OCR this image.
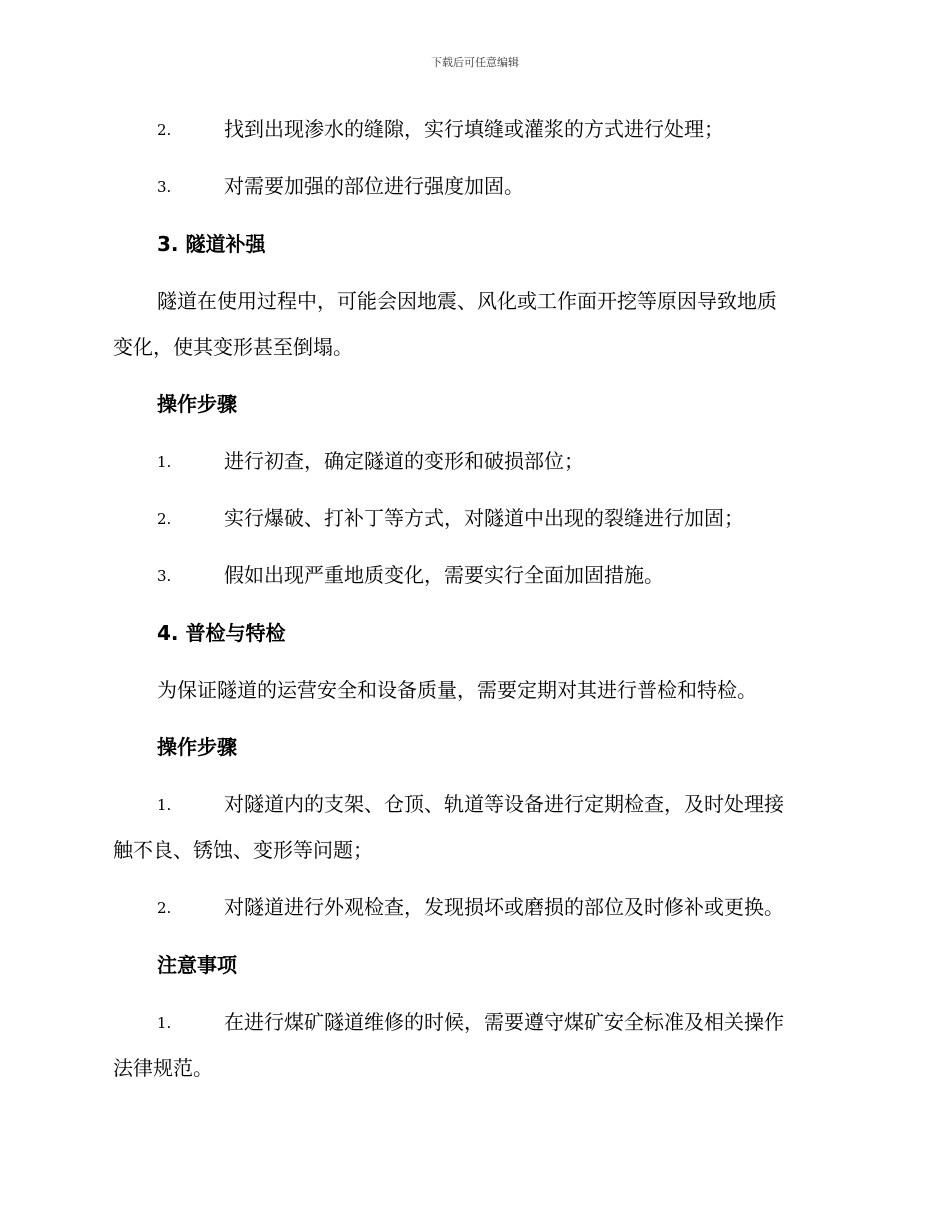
下载后可任意编辑
2.	找到出现渗水的缝隙，实行填缝或灌浆的方式进行处理；
3.	对需要加强的部位进行强度加固。
3. 隧道补强
隧道在使用过程中，可能会因地震、风化或工作面开挖等原因导致地质
变化，使其变形甚至倒塌。
操作步骤
1.	进行初查，确定隧道的变形和破损部位；
2.	实行爆破、打补丁等方式，对隧道中出现的裂缝进行加固；
3.	假如出现严重地质变化，需要实行全面加固措施。
4. 普检与特检
为保证隧道的运营安全和设备质量，需要定期对其进行普检和特检。
操作步骤
1.	对隧道内的支架、仓顶、轨道等设备进行定期检查，及时处理接
触不良、锈蚀、变形等问题；
2.	对隧道进行外观检查，发现损坏或磨损的部位及时修补或更换。
注意事项
1.	在进行煤矿隧道维修的时候，需要遵守煤矿安全标准及相关操作
法律规范。
